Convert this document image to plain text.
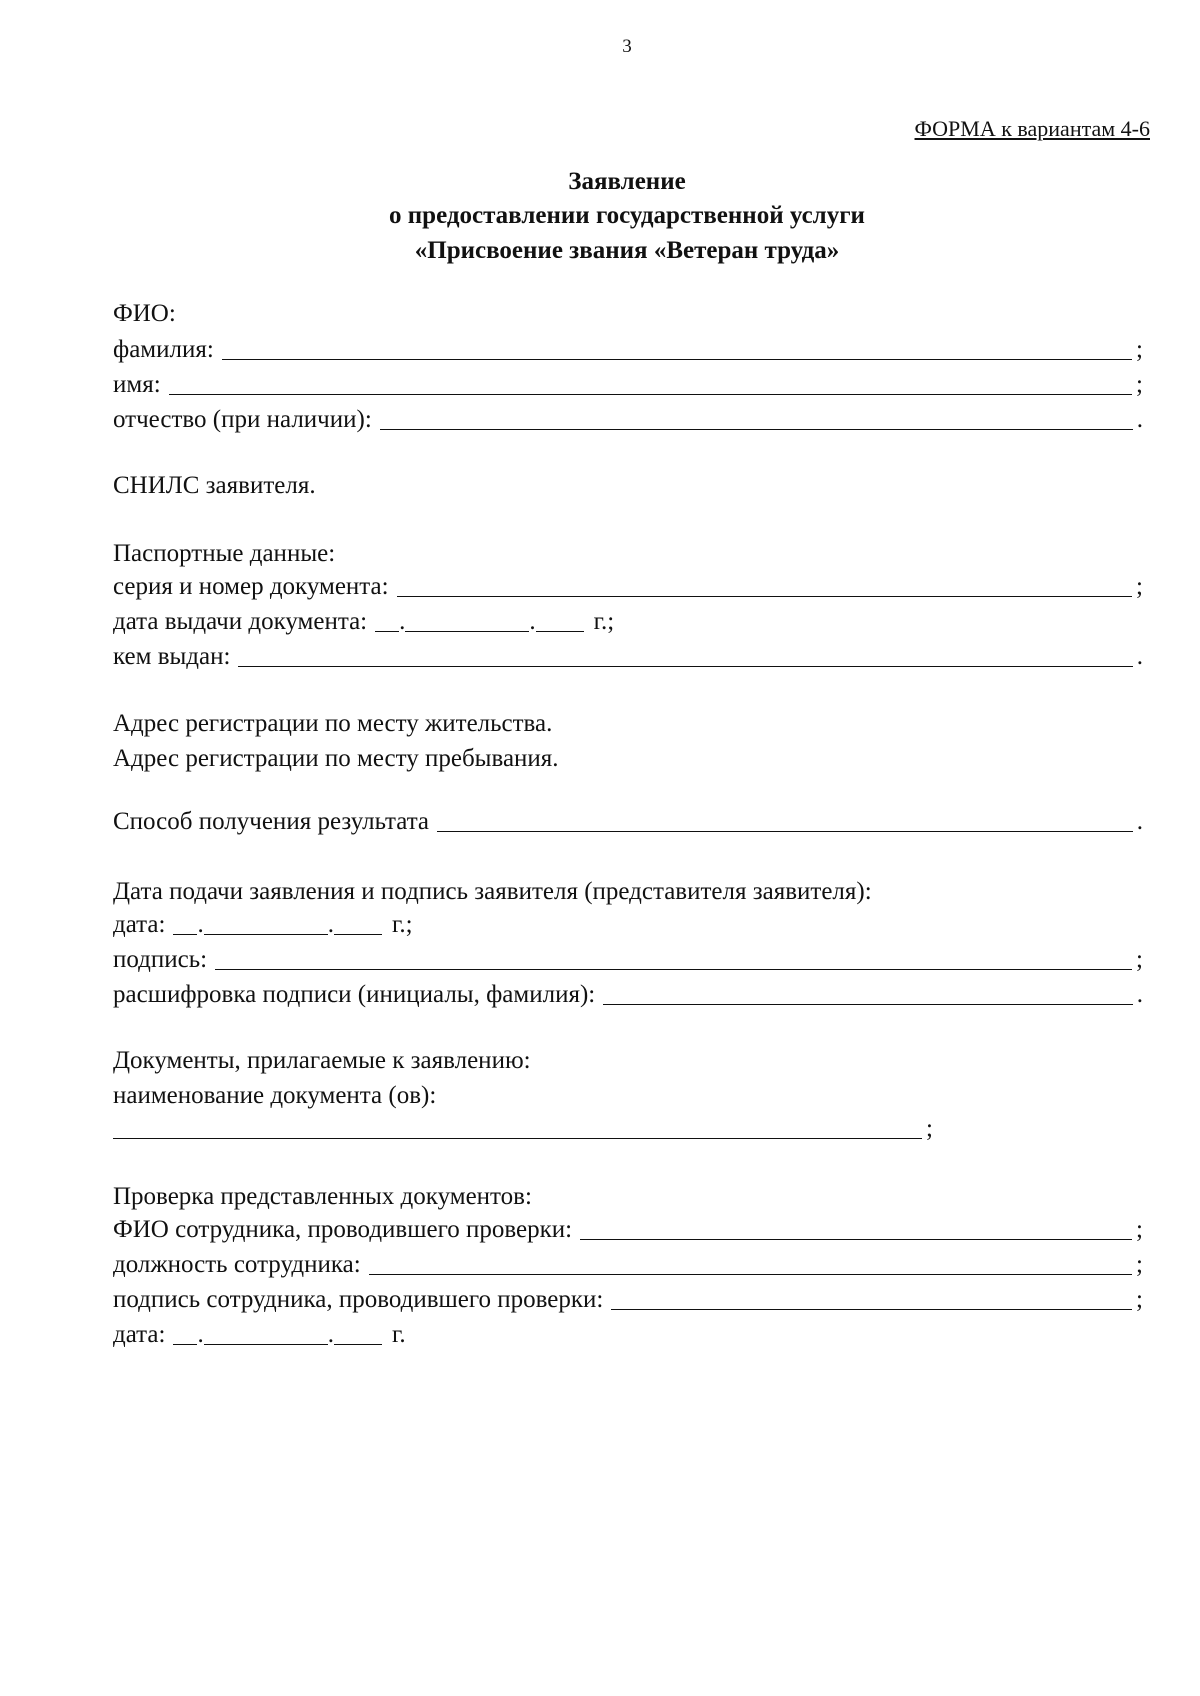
3
ФОРМА к вариантам 4-6
Заявление
о предоставлении государственной услуги
«Присвоение звания «Ветеран труда»
ФИО:
фамилия:	;
имя:	;
отчество (при наличии):	.
СНИЛС заявителя.
Паспортные данные:
серия и номер документа:	;
дата выдачи документа: .	. г.;
кем выдан:	.
Адрес регистрации по месту жительства.
Адрес регистрации по месту пребывания.
Способ получения результата	.
Дата подачи заявления и подпись заявителя (представителя заявителя):
дата: .	. г.;
подпись:	;
расшифровка подписи (инициалы, фамилия):	.
Документы, прилагаемые к заявлению:
наименование документа (ов):
;
Проверка представленных документов:
ФИО сотрудника, проводившего проверки:	;
должность сотрудника:	;
подпись сотрудника, проводившего проверки:	;
дата: .	. г.
